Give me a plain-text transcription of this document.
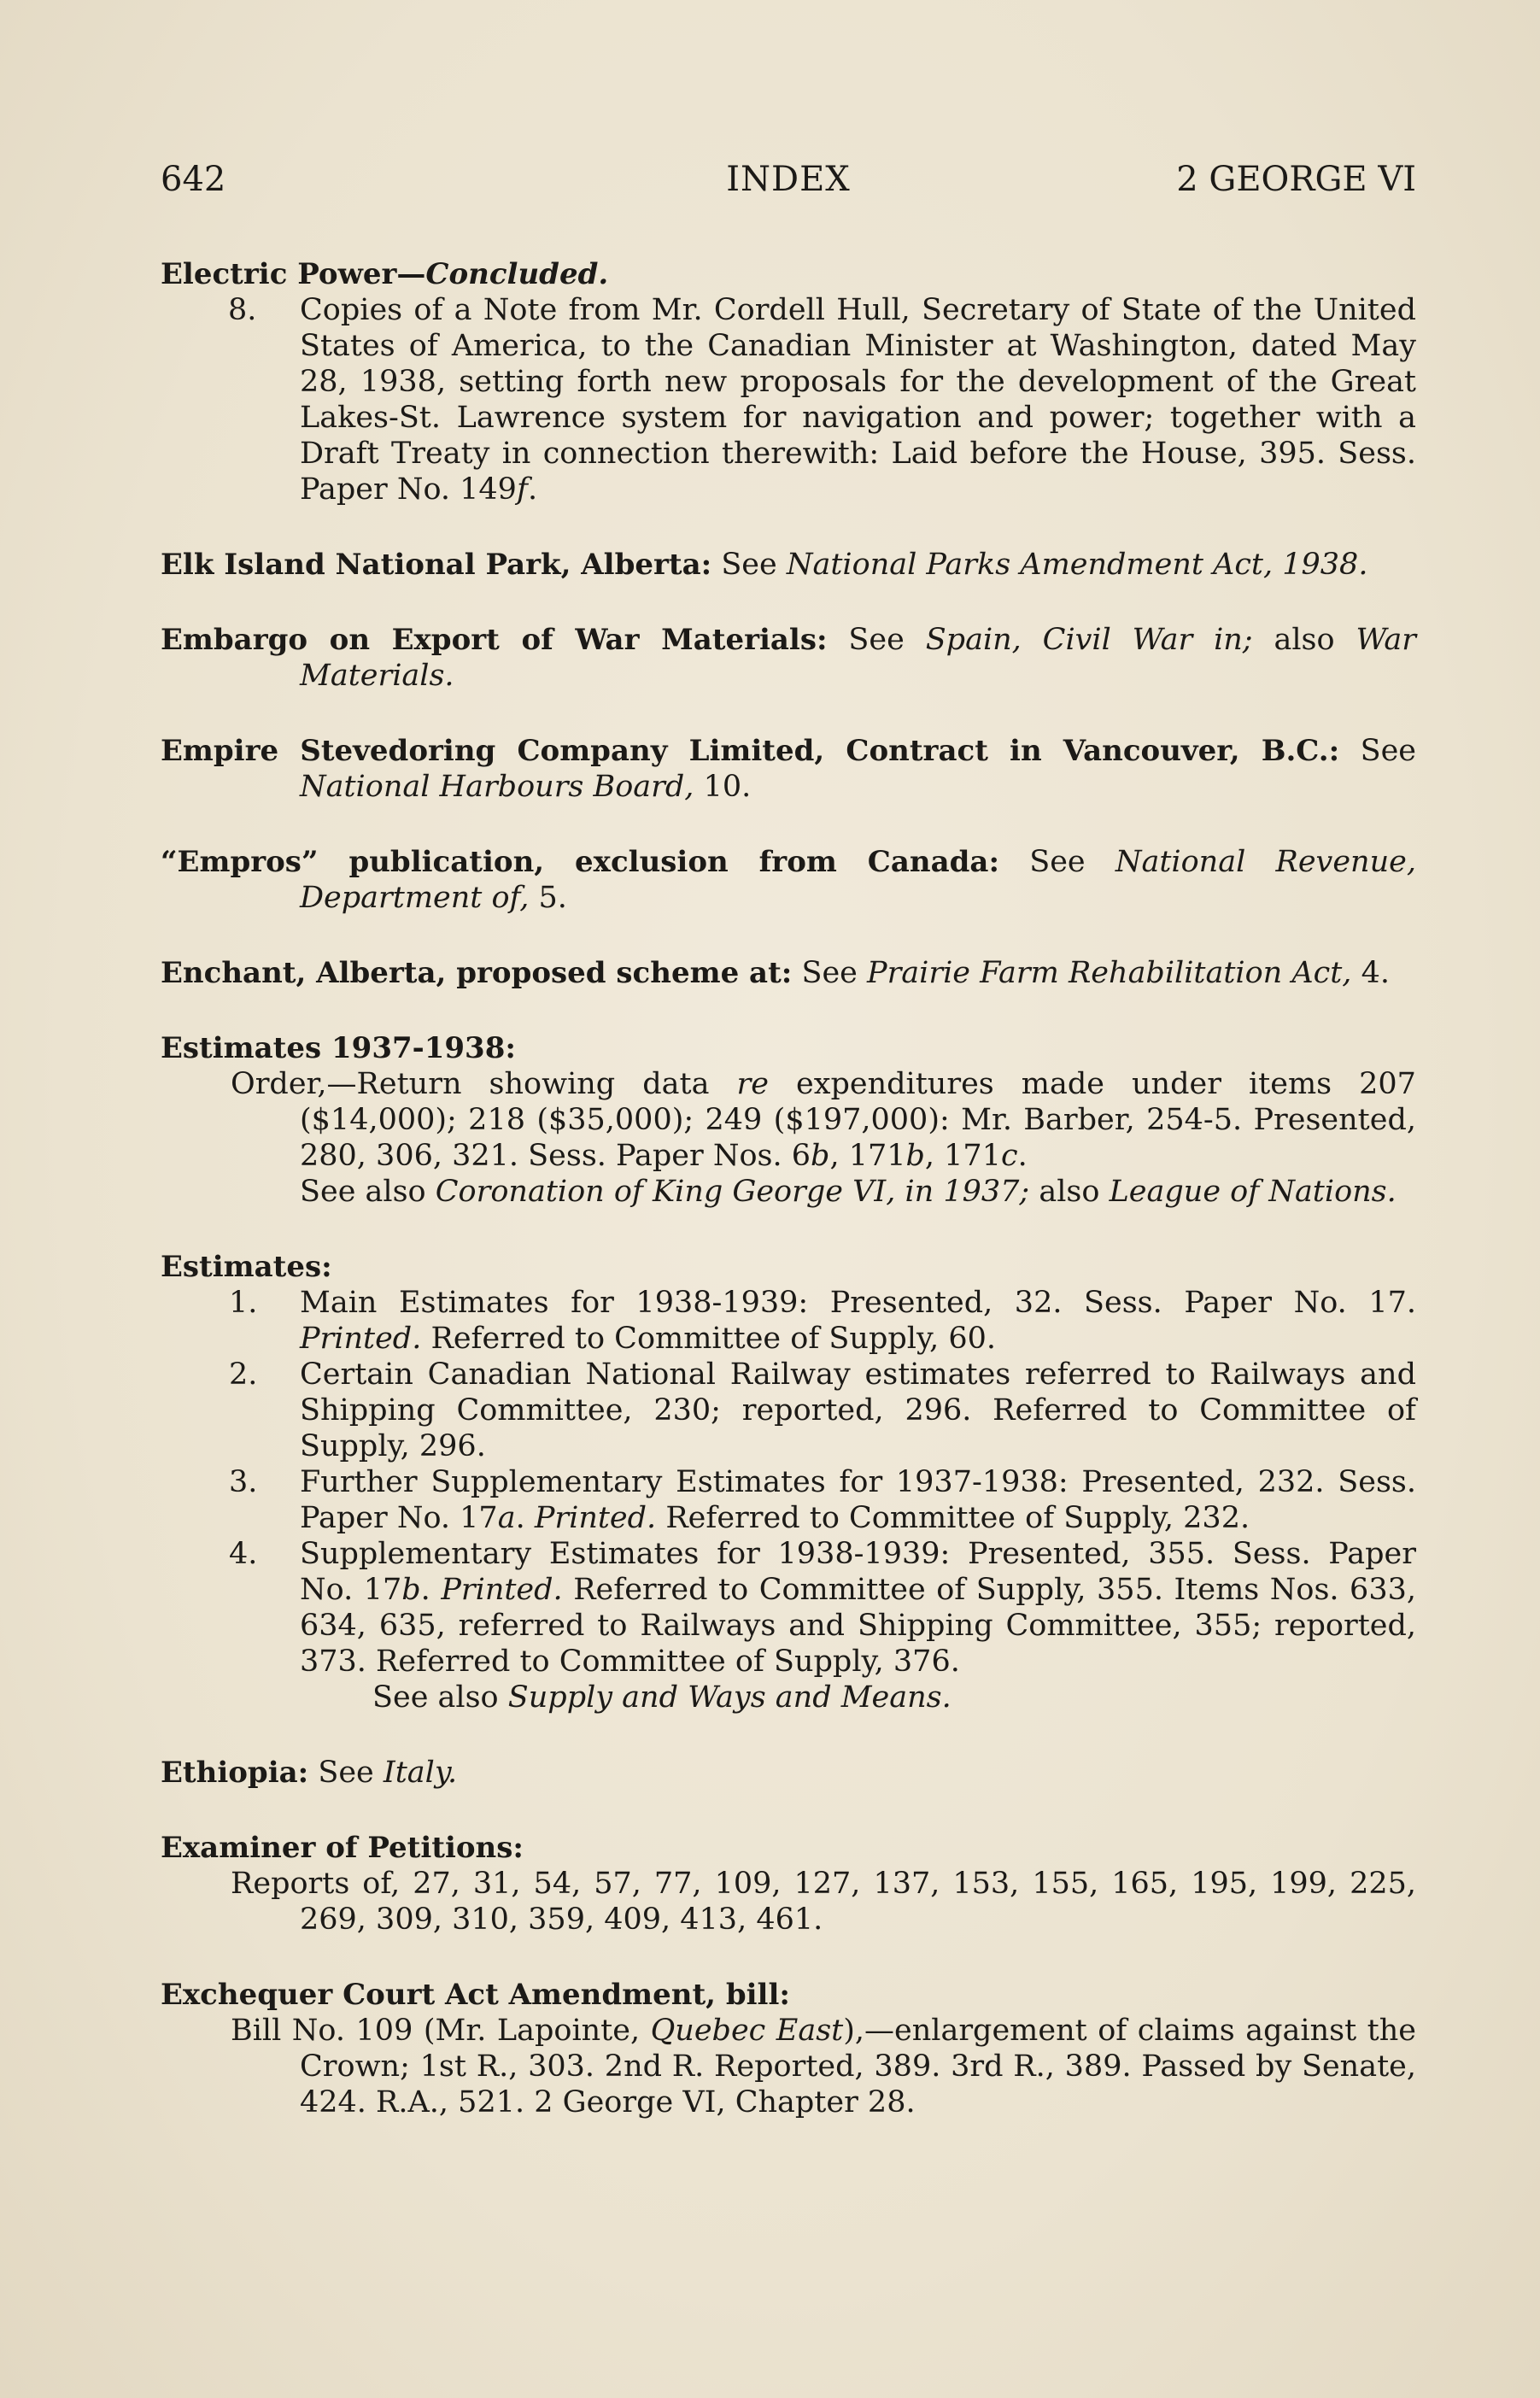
642	INDEX	2 GEORGE VI

Electric Power—Concluded.

8. Copies of a Note from Mr. Cordell Hull, Secretary of State of the United States of America, to the Canadian Minister at Washington, dated May 28, 1938, setting forth new proposals for the development of the Great Lakes-St. Lawrence system for navigation and power; together with a Draft Treaty in connection therewith: Laid before the House, 395. Sess. Paper No. 149f.

Elk Island National Park, Alberta: See National Parks Amendment Act, 1938.

Embargo on Export of War Materials: See Spain, Civil War in; also War Materials.

Empire Stevedoring Company Limited, Contract in Vancouver, B.C.: See National Harbours Board, 10.

“Empros” publication, exclusion from Canada: See National Revenue, Department of, 5.

Enchant, Alberta, proposed scheme at: See Prairie Farm Rehabilitation Act, 4.

Estimates 1937-1938:

Order,—Return showing data re expenditures made under items 207 ($14,000); 218 ($35,000); 249 ($197,000): Mr. Barber, 254-5. Presented, 280, 306, 321. Sess. Paper Nos. 6b, 171b, 171c.

See also Coronation of King George VI, in 1937; also League of Nations.

Estimates:

1. Main Estimates for 1938-1939: Presented, 32. Sess. Paper No. 17. Printed. Referred to Committee of Supply, 60.
2. Certain Canadian National Railway estimates referred to Railways and Shipping Committee, 230; reported, 296. Referred to Committee of Supply, 296.
3. Further Supplementary Estimates for 1937-1938: Presented, 232. Sess. Paper No. 17a. Printed. Referred to Committee of Supply, 232.
4. Supplementary Estimates for 1938-1939: Presented, 355. Sess. Paper No. 17b. Printed. Referred to Committee of Supply, 355. Items Nos. 633, 634, 635, referred to Railways and Shipping Committee, 355; reported, 373. Referred to Committee of Supply, 376.

See also Supply and Ways and Means.

Ethiopia: See Italy.

Examiner of Petitions:

Reports of, 27, 31, 54, 57, 77, 109, 127, 137, 153, 155, 165, 195, 199, 225, 269, 309, 310, 359, 409, 413, 461.

Exchequer Court Act Amendment, bill:

Bill No. 109 (Mr. Lapointe, Quebec East),—enlargement of claims against the Crown; 1st R., 303. 2nd R. Reported, 389. 3rd R., 389. Passed by Senate, 424. R.A., 521. 2 George VI, Chapter 28.
